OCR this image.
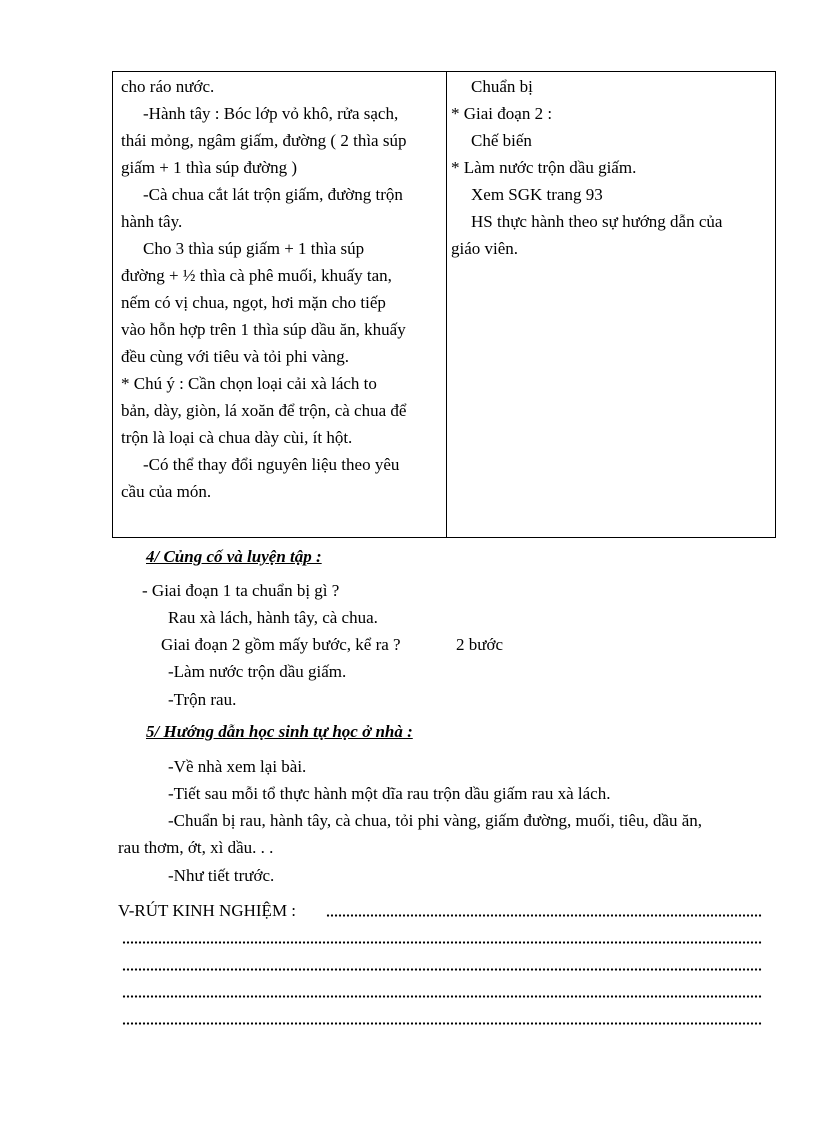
cho ráo nước.
-Hành tây : Bóc lớp vỏ khô, rửa sạch,
thái mỏng, ngâm giấm, đường ( 2 thìa súp
giấm + 1 thìa súp đường )
-Cà chua cắt lát trộn giấm, đường trộn
hành tây.
Cho 3 thìa súp giấm + 1 thìa súp
đường + ½ thìa cà phê muối, khuấy tan,
nếm có vị chua, ngọt, hơi mặn cho tiếp
vào hỗn hợp trên 1 thìa súp dầu ăn, khuấy
đều cùng với tiêu và tỏi phi vàng.
* Chú ý : Cần chọn loại cải xà lách to
bản, dày, giòn, lá xoăn để trộn, cà chua để
trộn là loại cà chua dày cùi, ít hột.
-Có thể thay đổi nguyên liệu theo yêu
cầu của món.
Chuẩn bị
* Giai đoạn 2 :
Chế biến
* Làm nước trộn dầu giấm.
Xem SGK trang 93
HS thực hành theo sự hướng dẫn của
giáo viên.
4/ Củng cố và luyện tập :
- Giai đoạn 1 ta chuẩn bị gì ?
Rau xà lách, hành tây, cà chua.
Giai đoạn 2 gồm mấy bước, kể ra ?	2 bước
-Làm nước trộn dầu giấm.
-Trộn rau.
5/ Hướng dẫn học sinh tự học ở nhà :
-Về nhà xem lại bài.
-Tiết sau mỗi tổ thực hành một dĩa rau trộn dầu giấm rau xà lách.
-Chuẩn bị rau, hành tây, cà chua, tỏi phi vàng, giấm đường, muối, tiêu, dầu ăn,
rau thơm, ớt, xì dầu. . .
-Như tiết trước.
V-RÚT KINH NGHIỆM :
